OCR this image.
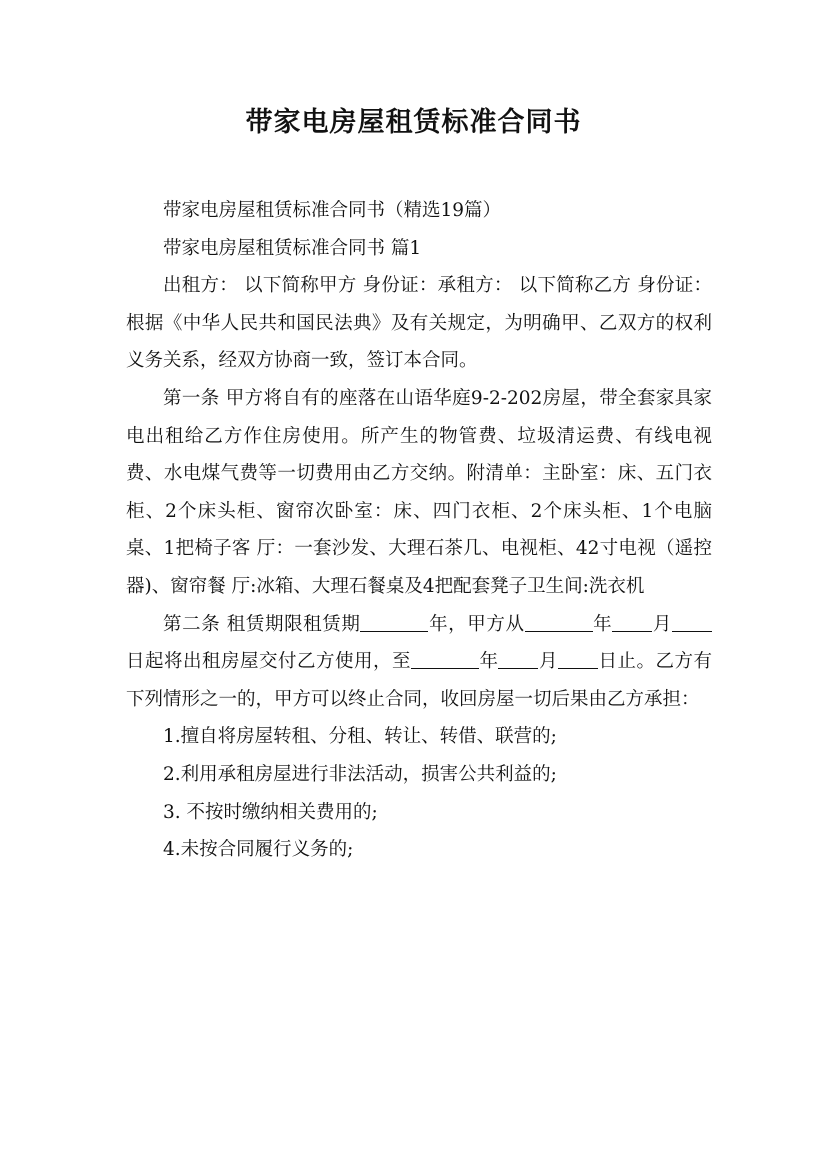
带家电房屋租赁标准合同书

带家电房屋租赁标准合同书（精选19篇）

带家电房屋租赁标准合同书 篇1

出租方： 以下简称甲方 身份证：承租方： 以下简称乙方 身份证：根据《中华人民共和国民法典》及有关规定，为明确甲、乙双方的权利义务关系，经双方协商一致，签订本合同。

第一条 甲方将自有的座落在山语华庭9-2-202房屋，带全套家具家电出租给乙方作住房使用。所产生的物管费、垃圾清运费、有线电视费、水电煤气费等一切费用由乙方交纳。附清单：主卧室：床、五门衣柜、2个床头柜、窗帘次卧室：床、四门衣柜、2个床头柜、1个电脑桌、1把椅子客 厅：一套沙发、大理石茶几、电视柜、42寸电视（遥控器)、窗帘餐 厅:冰箱、大理石餐桌及4把配套凳子卫生间:洗衣机

第二条 租赁期限租赁期	年，甲方从	年 月日起将出租房屋交付乙方使用，至	年 月 日止。乙方有下列情形之一的，甲方可以终止合同，收回房屋一切后果由乙方承担：

1.擅自将房屋转租、分租、转让、转借、联营的;

2.利用承租房屋进行非法活动，损害公共利益的;

3. 不按时缴纳相关费用的;

4.未按合同履行义务的;
